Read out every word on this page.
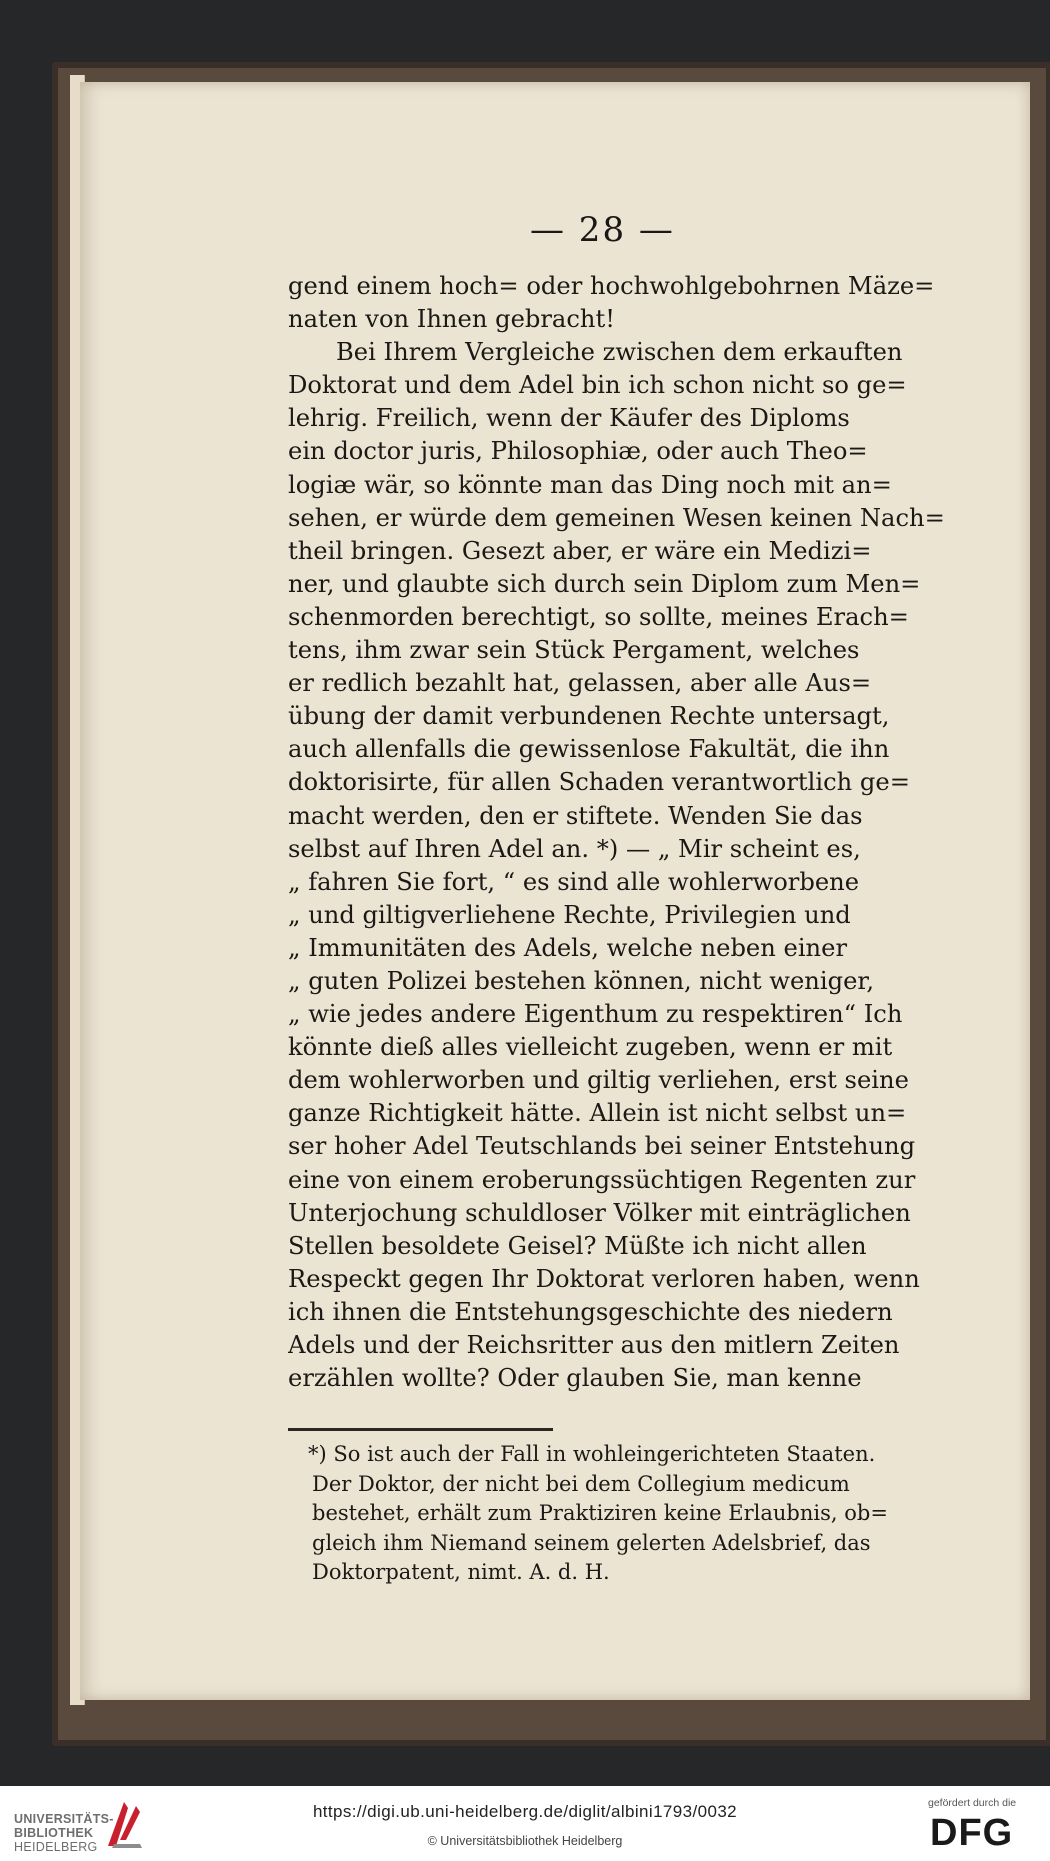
— 28 —
gend einem hoch= oder hochwohlgebohrnen Mäze=
naten von Ihnen gebracht!
Bei Ihrem Vergleiche zwischen dem erkauften
Doktorat und dem Adel bin ich schon nicht so ge=
lehrig. Freilich, wenn der Käufer des Diploms
ein doctor juris, Philosophiæ, oder auch Theo=
logiæ wär, so könnte man das Ding noch mit an=
sehen, er würde dem gemeinen Wesen keinen Nach=
theil bringen. Gesezt aber, er wäre ein Medizi=
ner, und glaubte sich durch sein Diplom zum Men=
schenmorden berechtigt, so sollte, meines Erach=
tens, ihm zwar sein Stück Pergament, welches
er redlich bezahlt hat, gelassen, aber alle Aus=
übung der damit verbundenen Rechte untersagt,
auch allenfalls die gewissenlose Fakultät, die ihn
doktorisirte, für allen Schaden verantwortlich ge=
macht werden, den er stiftete. Wenden Sie das
selbst auf Ihren Adel an. *) — „ Mir scheint es,
„ fahren Sie fort, “ es sind alle wohlerworbene
„ und giltigverliehene Rechte, Privilegien und
„ Immunitäten des Adels, welche neben einer
„ guten Polizei bestehen können, nicht weniger,
„ wie jedes andere Eigenthum zu respektiren“ Ich
könnte dieß alles vielleicht zugeben, wenn er mit
dem wohlerworben und giltig verliehen, erst seine
ganze Richtigkeit hätte. Allein ist nicht selbst un=
ser hoher Adel Teutschlands bei seiner Entstehung
eine von einem eroberungssüchtigen Regenten zur
Unterjochung schuldloser Völker mit einträglichen
Stellen besoldete Geisel? Müßte ich nicht allen
Respeckt gegen Ihr Doktorat verloren haben, wenn
ich ihnen die Entstehungsgeschichte des niedern
Adels und der Reichsritter aus den mitlern Zeiten
erzählen wollte? Oder glauben Sie, man kenne
*) So ist auch der Fall in wohleingerichteten Staaten.
Der Doktor, der nicht bei dem Collegium medicum
bestehet, erhält zum Praktiziren keine Erlaubnis, ob=
gleich ihm Niemand seinem gelerten Adelsbrief, das
Doktorpatent, nimt. A. d. H.
UNIVERSITÄTS-
BIBLIOTHEK
HEIDELBERG
https://digi.ub.uni-heidelberg.de/diglit/albini1793/0032
© Universitätsbibliothek Heidelberg
gefördert durch die
DFG
